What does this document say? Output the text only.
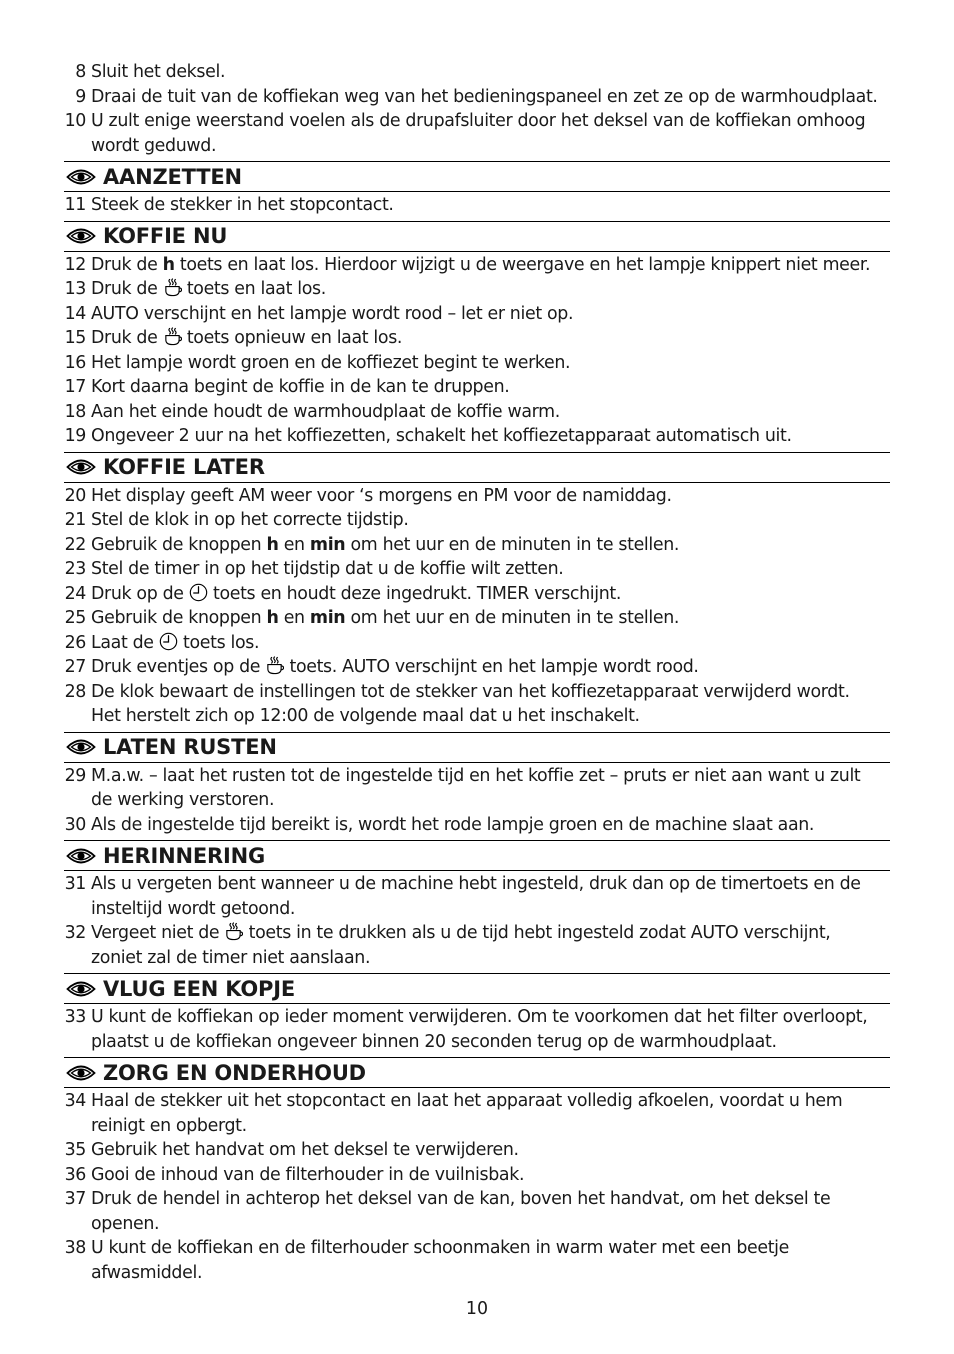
8 Sluit het deksel.
9 Draai de tuit van de koffiekan weg van het bedieningspaneel en zet ze op de warmhoudplaat.
10 U zult enige weerstand voelen als de drupafsluiter door het deksel van de koffiekan omhoog
wordt geduwd.
AANZETTEN
11 Steek de stekker in het stopcontact.
KOFFIE NU
12 Druk de h toets en laat los. Hierdoor wijzigt u de weergave en het lampje knippert niet meer.
13 Druk de  toets en laat los.
14 AUTO verschijnt en het lampje wordt rood – let er niet op.
15 Druk de  toets opnieuw en laat los.
16 Het lampje wordt groen en de koffiezet begint te werken.
17 Kort daarna begint de koffie in de kan te druppen.
18 Aan het einde houdt de warmhoudplaat de koffie warm.
19 Ongeveer 2 uur na het koffiezetten, schakelt het koffiezetapparaat automatisch uit.
KOFFIE LATER
20 Het display geeft AM weer voor ‘s morgens en PM voor de namiddag.
21 Stel de klok in op het correcte tijdstip.
22 Gebruik de knoppen h en min om het uur en de minuten in te stellen.
23 Stel de timer in op het tijdstip dat u de koffie wilt zetten.
24 Druk op de  toets en houdt deze ingedrukt. TIMER verschijnt.
25 Gebruik de knoppen h en min om het uur en de minuten in te stellen.
26 Laat de  toets los.
27 Druk eventjes op de  toets. AUTO verschijnt en het lampje wordt rood.
28 De klok bewaart de instellingen tot de stekker van het koffiezetapparaat verwijderd wordt.
Het herstelt zich op 12:00 de volgende maal dat u het inschakelt.
LATEN RUSTEN
29 M.a.w. – laat het rusten tot de ingestelde tijd en het koffie zet – pruts er niet aan want u zult
de werking verstoren.
30 Als de ingestelde tijd bereikt is, wordt het rode lampje groen en de machine slaat aan.
HERINNERING
31 Als u vergeten bent wanneer u de machine hebt ingesteld, druk dan op de timertoets en de
insteltijd wordt getoond.
32 Vergeet niet de  toets in te drukken als u de tijd hebt ingesteld zodat AUTO verschijnt,
zoniet zal de timer niet aanslaan.
VLUG EEN KOPJE
33 U kunt de koffiekan op ieder moment verwijderen. Om te voorkomen dat het filter overloopt,
plaatst u de koffiekan ongeveer binnen 20 seconden terug op de warmhoudplaat.
ZORG EN ONDERHOUD
34 Haal de stekker uit het stopcontact en laat het apparaat volledig afkoelen, voordat u hem
reinigt en opbergt.
35 Gebruik het handvat om het deksel te verwijderen.
36 Gooi de inhoud van de filterhouder in de vuilnisbak.
37 Druk de hendel in achterop het deksel van de kan, boven het handvat, om het deksel te
openen.
38 U kunt de koffiekan en de filterhouder schoonmaken in warm water met een beetje
afwasmiddel.
10
